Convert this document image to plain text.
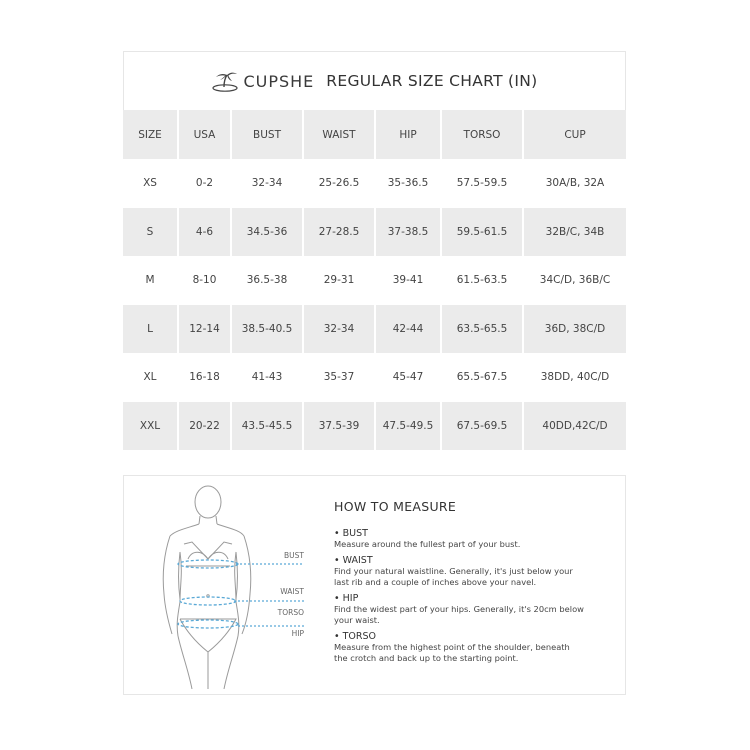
CUPSHE REGULAR SIZE CHART (IN)
SIZE	USA	BUST	WAIST	HIP	TORSO	CUP
XS	0-2	32-34	25-26.5	35-36.5	57.5-59.5	30A/B, 32A
S	4-6	34.5-36	27-28.5	37-38.5	59.5-61.5	32B/C, 34B
M	8-10	36.5-38	29-31	39-41	61.5-63.5	34C/D, 36B/C
L	12-14	38.5-40.5	32-34	42-44	63.5-65.5	36D, 38C/D
XL	16-18	41-43	35-37	45-47	65.5-67.5	38DD, 40C/D
XXL	20-22	43.5-45.5	37.5-39	47.5-49.5	67.5-69.5	40DD,42C/D
BUST
WAIST
TORSO
HIP
HOW TO MEASURE
• BUST
Measure around the fullest part of your bust.
• WAIST
Find your natural waistline. Generally, it's just below your
last rib and a couple of inches above your navel.
• HIP
Find the widest part of your hips. Generally, it's 20cm below
your waist.
• TORSO
Measure from the highest point of the shoulder, beneath
the crotch and back up to the starting point.
